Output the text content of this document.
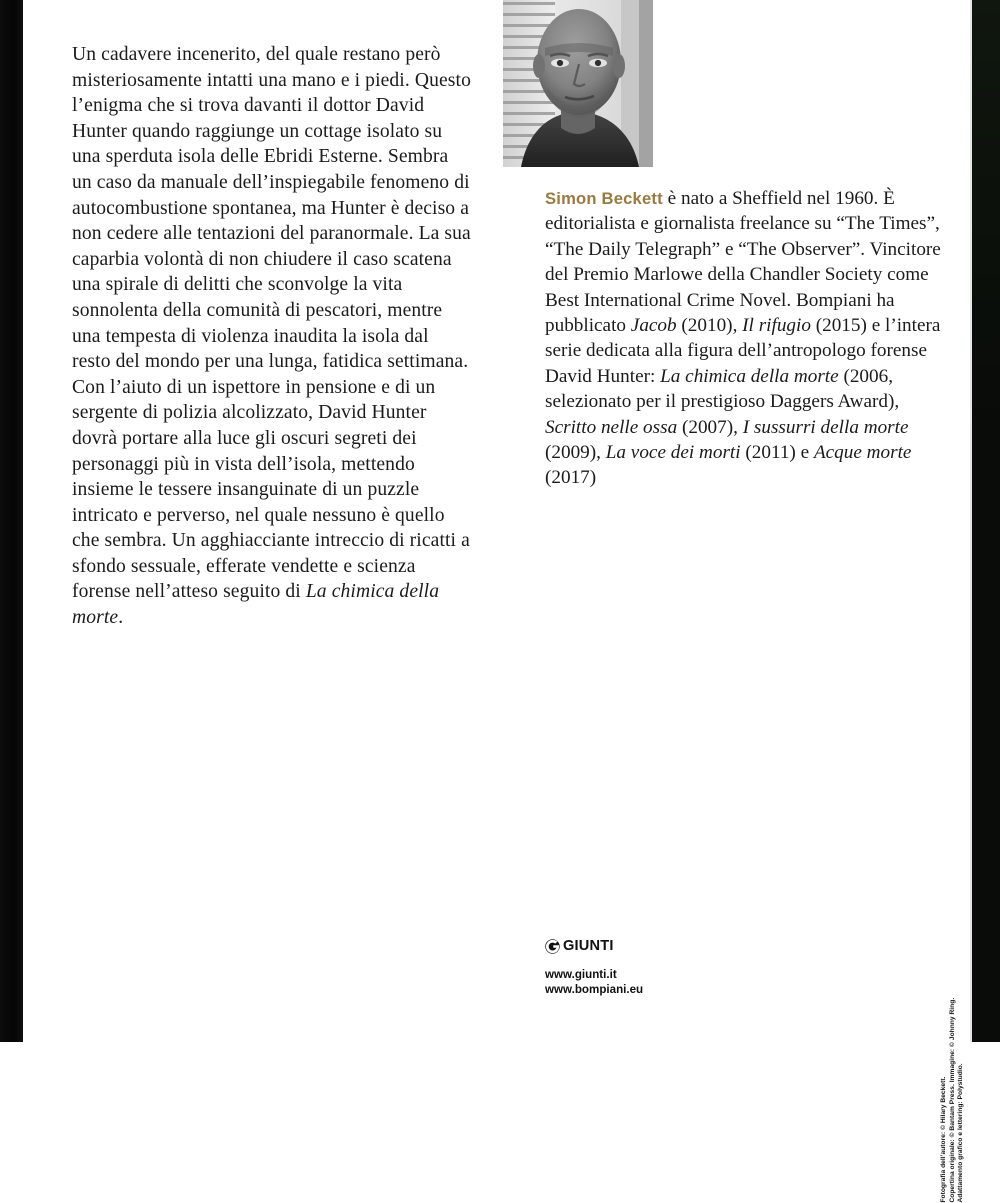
Un cadavere incenerito, del quale restano però misteriosamente intatti una mano e i piedi. Questo l’enigma che si trova davanti il dottor David Hunter quando raggiunge un cottage isolato su una sperduta isola delle Ebridi Esterne. Sembra un caso da manuale dell’inspiegabile fenomeno di autocombustione spontanea, ma Hunter è deciso a non cedere alle tentazioni del paranormale. La sua caparbia volontà di non chiudere il caso scatena una spirale di delitti che sconvolge la vita sonnolenta della comunità di pescatori, mentre una tempesta di violenza inaudita la isola dal resto del mondo per una lunga, fatidica settimana. Con l’aiuto di un ispettore in pensione e di un sergente di polizia alcolizzato, David Hunter dovrà portare alla luce gli oscuri segreti dei personaggi più in vista dell’isola, mettendo insieme le tessere insanguinate di un puzzle intricato e perverso, nel quale nessuno è quello che sembra. Un agghiacciante intreccio di ricatti a sfondo sessuale, efferate vendette e scienza forense nell’atteso seguito di La chimica della morte.
Simon Beckett è nato a Sheffield nel 1960. È editorialista e giornalista freelance su “The Times”, “The Daily Telegraph” e “The Observer”. Vincitore del Premio Marlowe della Chandler Society come Best International Crime Novel. Bompiani ha pubblicato Jacob (2010), Il rifugio (2015) e l’intera serie dedicata alla figura dell’antropologo forense David Hunter: La chimica della morte (2006, selezionato per il prestigioso Daggers Award), Scritto nelle ossa (2007), I sussurri della morte (2009), La voce dei morti (2011) e Acque morte (2017)
GIUNTI
www.giunti.it
www.bompiani.eu
Fotografia dell’autore: © Hilary Beckett. Copertina originale: © Bantam Press. Immagine: © Johnny Ring. Adattamento grafico e lettering: Polystudio.
